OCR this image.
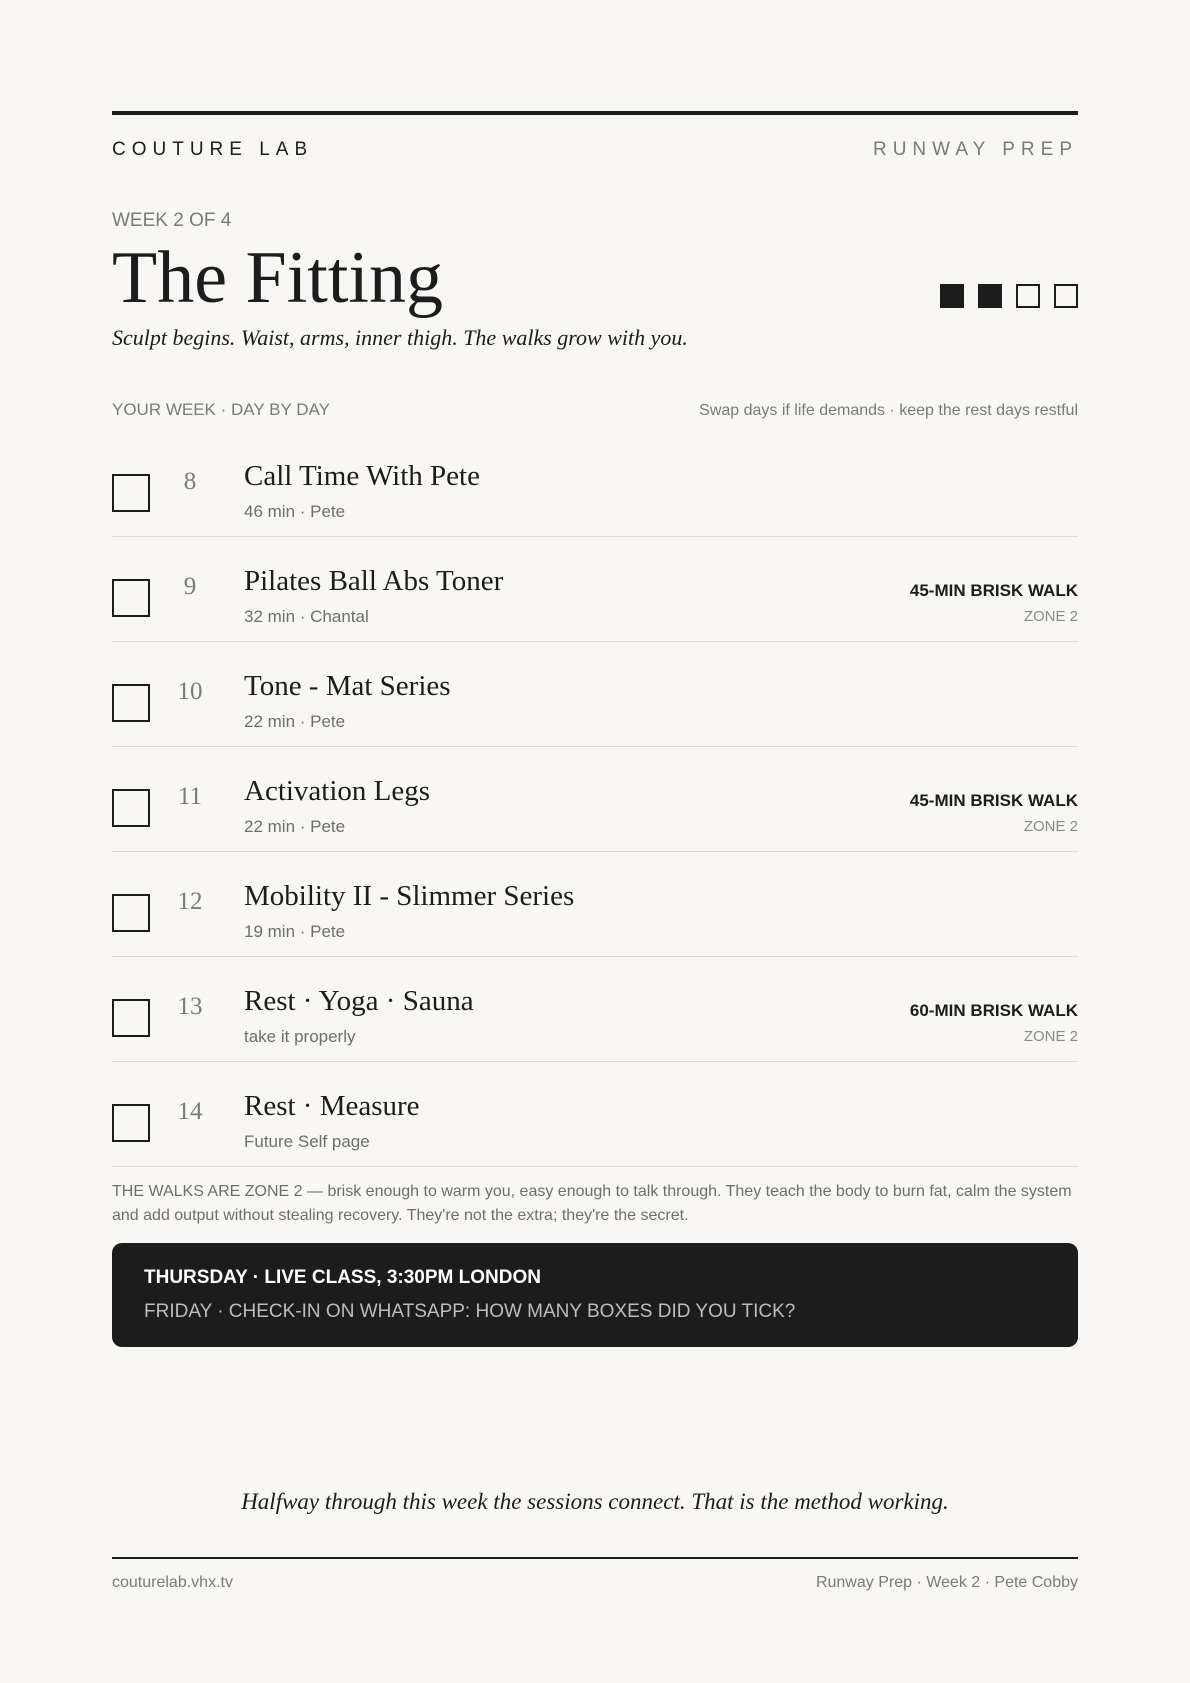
COUTURE LAB	RUNWAY PREP
WEEK 2 OF 4
The Fitting
Sculpt begins. Waist, arms, inner thigh. The walks grow with you.
YOUR WEEK · DAY BY DAY	Swap days if life demands · keep the rest days restful
8	Call Time With Pete
46 min · Pete
9	Pilates Ball Abs Toner
32 min · Chantal
45-MIN BRISK WALK
ZONE 2
10 Tone - Mat Series
22 min · Pete
11 Activation Legs
22 min · Pete
45-MIN BRISK WALK
ZONE 2
12 Mobility II - Slimmer Series
19 min · Pete
13 Rest · Yoga · Sauna
take it properly
60-MIN BRISK WALK
ZONE 2
14 Rest · Measure
Future Self page
THE WALKS ARE ZONE 2 — brisk enough to warm you, easy enough to talk through. They teach the body to burn fat, calm the system and add output without stealing recovery. They're not the extra; they're the secret.
THURSDAY · LIVE CLASS, 3:30PM LONDON
FRIDAY · CHECK-IN ON WHATSAPP: HOW MANY BOXES DID YOU TICK?
Halfway through this week the sessions connect. That is the method working.
couturelab.vhx.tv	Runway Prep · Week 2 · Pete Cobby
